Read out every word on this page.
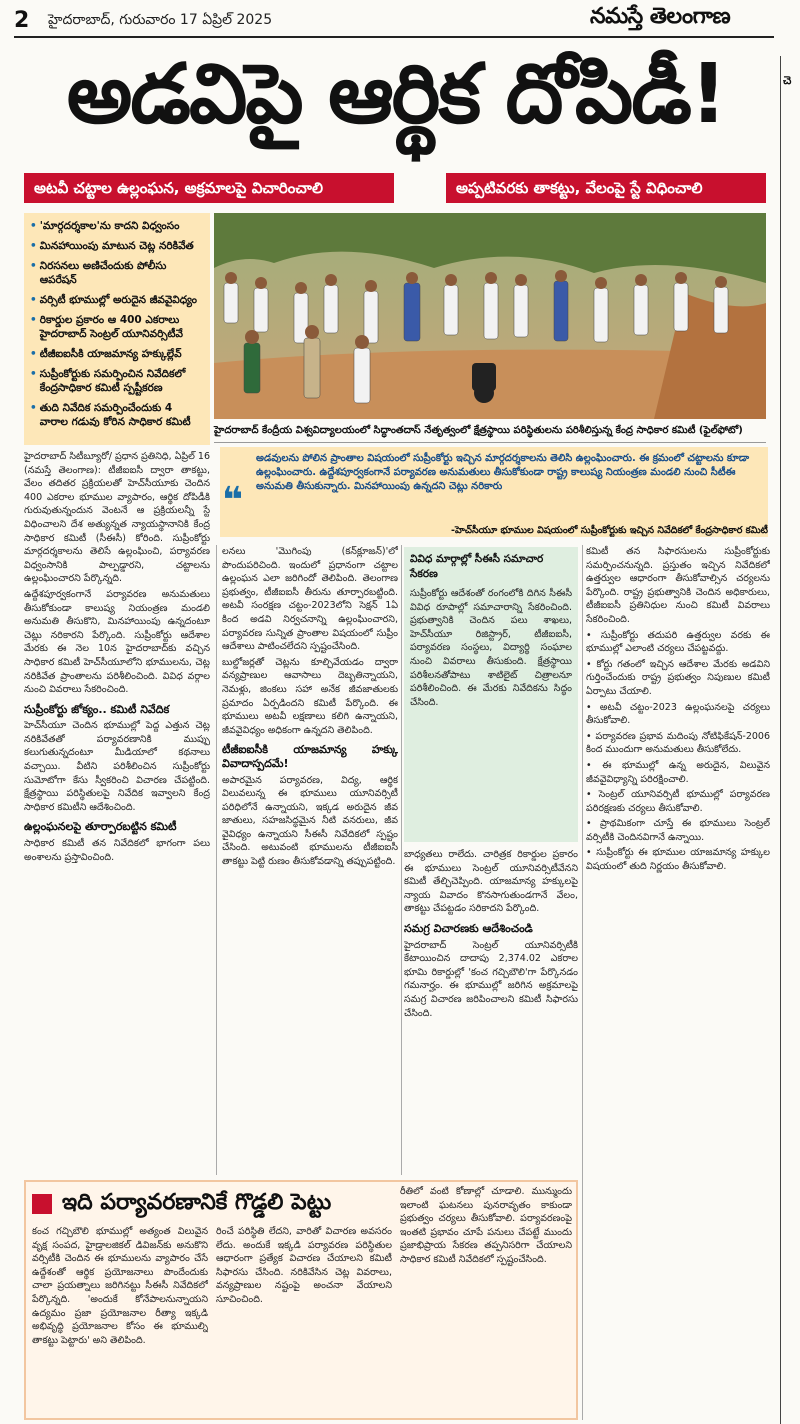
2 హైదరాబాద్, గురువారం 17 ఏప్రిల్ 2025	నమస్తే తెలంగాణ
అడవిపై ఆర్థిక దోపిడీ!
అటవీ చట్టాల ఉల్లంఘన, అక్రమాలపై విచారించాలి	అప్పటివరకు తాకట్టు, వేలంపై స్టే విధించాలి
• 'మార్గదర్శకాల'ను కాదని విధ్వంసం
• మినహాయింపు మాటున చెట్ల నరికివేత
• నిరసనలు అణిచేందుకు పోలీసు ఆపరేషన్
• వర్సిటీ భూముల్లో అరుదైన జీవవైవిధ్యం
• రికార్డుల ప్రకారం ఆ 400 ఎకరాలు హైదరాబాద్ సెంట్రల్ యూనివర్సిటీవే
• టీజీఐఐసీకి యాజమాన్య హక్కుల్లేవ్
• సుప్రీంకోర్టుకు సమర్పించిన నివేదికలో కేంద్రసాధికార కమిటీ స్పష్టీకరణ
• తుది నివేదిక సమర్పించేందుకు 4 వారాల గడువు కోరిన సాధికార కమిటీ
హైదరాబాద్ కేంద్రీయ విశ్వవిద్యాలయంలో సిద్ధాంతదాస్ నేతృత్వంలో క్షేత్రస్థాయి పరిస్థితులను పరిశీలిస్తున్న కేంద్ర సాధికార కమిటీ (ఫైల్‌ఫోటో)
❝
అడవులను పోలిన ప్రాంతాల విషయంలో సుప్రీంకోర్టు ఇచ్చిన మార్గదర్శకాలను తెలిసి ఉల్లంఘించారు. ఈ క్రమంలో చట్టాలను కూడా ఉల్లంఘించారు. ఉద్దేశపూర్వకంగానే పర్యావరణ అనుమతులు తీసుకోకుండా రాష్ట్ర కాలుష్య నియంత్రణ మండలి నుంచి సీటీఈ అనుమతి తీసుకున్నారు. మినహాయింపు ఉన్నదని చెట్లు నరికారు
-హెచ్‌సీయూ భూముల విషయంలో సుప్రీంకోర్టుకు ఇచ్చిన నివేదికలో కేంద్రసాధికార కమిటీ

హైదరాబాద్ సిటీబ్యూరో/ ప్రధాన ప్రతినిధి, ఏప్రిల్ 16 (నమస్తే తెలంగాణ): టీజీఐఐసీ ద్వారా తాకట్టు, వేలం తదితర ప్రక్రియలతో హెచ్‌సీయూకు చెందిన 400 ఎకరాల భూముల వ్యాపారం, ఆర్థిక దోపిడీకి గురువుతున్నందున వెంటనే ఆ ప్రక్రియలన్నీ స్టే విధించాలని దేశ అత్యున్నత న్యాయస్థానానికి కేంద్ర సాధికార కమిటీ (సీఈసీ) కోరింది. సుప్రీంకోర్టు మార్గదర్శకాలను తెలిసే ఉల్లంఘించి, పర్యావరణ విధ్వంసానికి పాల్పడ్డారని, చట్టాలను ఉల్లంఘించారని పేర్కొన్నది.

ఉద్దేశపూర్వకంగానే పర్యావరణ అనుమతులు తీసుకోకుండా కాలుష్య నియంత్రణ మండలి అనుమతి తీసుకొని, మినహాయింపు ఉన్నదంటూ చెట్లు నరికారని పేర్కొంది. సుప్రీంకోర్టు ఆదేశాల మేరకు ఈ నెల 10న హైదరాబాద్‌కు వచ్చిన సాధికార కమిటీ హెచ్‌సీయూలోని భూములను, చెట్ల నరికివేత ప్రాంతాలను పరిశీలించింది. వివిధ వర్గాల నుంచి వివరాలు సేకరించింది.

సుప్రీంకోర్టు జోక్యం.. కమిటీ నివేదిక

హెచ్‌సీయూ చెందిన భూముల్లో పెద్ద ఎత్తున చెట్ల నరికివేతతో పర్యావరణానికి ముప్పు కలుగుతున్నదంటూ మీడియాలో కథనాలు వచ్చాయి. వీటిని పరిశీలించిన సుప్రీంకోర్టు సుమోటోగా కేసు స్వీకరించి విచారణ చేపట్టింది. క్షేత్రస్థాయి పరిస్థితులపై నివేదిక ఇవ్వాలని కేంద్ర సాధికార కమిటీని ఆదేశించింది.

ఉల్లంఘనలపై తూర్పారబట్టిన కమిటీ

సాధికార కమిటీ తన నివేదికలో భాగంగా పలు అంశాలను ప్రస్తావించింది.

లనలు 'మొగింపు (కన్‌క్లూజన్)'లో పొందుపరిచింది. ఇందులో ప్రధానంగా చట్టాల ఉల్లంఘన ఎలా జరిగిందో తెలిపింది. తెలంగాణ ప్రభుత్వం, టీజీఐఐసీ తీరును తూర్పారబట్టింది. అటవీ సంరక్షణ చట్టం-2023లోని సెక్షన్ 1ఏ కింద అడవి నిర్వచనాన్ని ఉల్లంఘించారని, పర్యావరణ సున్నిత ప్రాంతాల విషయంలో సుప్రీం ఆదేశాలు పాటించలేదని స్పష్టంచేసింది.

బుల్డోజర్లతో చెట్లను కూల్చివేయడం ద్వారా వన్యప్రాణుల ఆవాసాలు దెబ్బతిన్నాయని, నెమళ్లు, జింకలు సహా అనేక జీవజాతులకు ప్రమాదం ఏర్పడిందని కమిటీ పేర్కొంది. ఈ భూములు అటవీ లక్షణాలు కలిగి ఉన్నాయని, జీవవైవిధ్యం అధికంగా ఉన్నదని తెలిపింది.

టీజీఐఐసీకి యాజమాన్య హక్కు వివాదాస్పదమే!

అపారమైన పర్యావరణ, విద్య, ఆర్థిక విలువలున్న ఈ భూములు యూనివర్సిటీ పరిధిలోనే ఉన్నాయని, ఇక్కడ అరుదైన జీవ జాతులు, సహజసిద్ధమైన నీటి వనరులు, జీవ వైవిధ్యం ఉన్నాయని సీఈసీ నివేదికలో స్పష్టం చేసింది. అటువంటి భూములను టీజీఐఐసీ తాకట్టు పెట్టి రుణం తీసుకోవడాన్ని తప్పుపట్టింది.

వివిధ మార్గాల్లో సీఈసీ సమాచార సేకరణ
సుప్రీంకోర్టు ఆదేశంతో రంగంలోకి దిగిన సీఈసీ వివిధ రూపాల్లో సమాచారాన్ని సేకరించింది. ప్రభుత్వానికి చెందిన పలు శాఖలు, హెచ్‌సీయూ రిజిస్ట్రార్, టీజీఐఐసీ, పర్యావరణ సంస్థలు, విద్యార్థి సంఘాల నుంచి వివరాలు తీసుకుంది. క్షేత్రస్థాయి పరిశీలనతోపాటు శాటిలైట్ చిత్రాలనూ పరిశీలించింది. ఈ మేరకు నివేదికను సిద్ధం చేసింది.

బాధ్యతలు రాలేదు. చారిత్రక రికార్డుల ప్రకారం ఈ భూములు సెంట్రల్ యూనివర్సిటీవేనని కమిటీ తేల్చిచెప్పింది. యాజమాన్య హక్కులపై న్యాయ వివాదం కొనసాగుతుండగానే వేలం, తాకట్టు చేపట్టడం సరికాదని పేర్కొంది.

సమగ్ర విచారణకు ఆదేశించండి

హైదరాబాద్ సెంట్రల్ యూనివర్సిటీకి కేటాయించిన దాదాపు 2,374.02 ఎకరాల భూమి రికార్డుల్లో 'కంచ గచ్చిబౌలి'గా పేర్కొనడం గమనార్హం. ఈ భూముల్లో జరిగిన అక్రమాలపై సమగ్ర విచారణ జరిపించాలని కమిటీ సిఫారసు చేసింది.

కమిటీ తన సిఫారసులను సుప్రీంకోర్టుకు సమర్పించనున్నది. ప్రస్తుతం ఇచ్చిన నివేదికలో ఉత్తర్వుల ఆధారంగా తీసుకోవాల్సిన చర్యలను పేర్కొంది. రాష్ట్ర ప్రభుత్వానికి చెందిన అధికారులు, టీజీఐఐసీ ప్రతినిధుల నుంచి కమిటీ వివరాలు సేకరించింది.

• సుప్రీంకోర్టు తదుపరి ఉత్తర్వుల వరకు ఈ భూముల్లో ఎలాంటి చర్యలు చేపట్టవద్దు.

• కోర్టు గతంలో ఇచ్చిన ఆదేశాల మేరకు అడవిని గుర్తించేందుకు రాష్ట్ర ప్రభుత్వం నిపుణుల కమిటీ ఏర్పాటు చేయాలి.

• అటవీ చట్టం-2023 ఉల్లంఘనలపై చర్యలు తీసుకోవాలి.

• పర్యావరణ ప్రభావ మదింపు నోటిఫికేషన్-2006 కింద ముందుగా అనుమతులు తీసుకోలేదు.

• ఈ భూముల్లో ఉన్న అరుదైన, విలువైన జీవవైవిధ్యాన్ని పరిరక్షించాలి.

• సెంట్రల్ యూనివర్సిటీ భూముల్లో పర్యావరణ పరిరక్షణకు చర్యలు తీసుకోవాలి.

• ప్రాథమికంగా చూస్తే ఈ భూములు సెంట్రల్ వర్సిటీకి చెందినవిగానే ఉన్నాయి.

• సుప్రీంకోర్టు ఈ భూముల యాజమాన్య హక్కుల విషయంలో తుది నిర్ణయం తీసుకోవాలి.

చె
ఇది పర్యావరణానికే గొడ్డలి పెట్టు
కంచ గచ్చిబౌలి భూముల్లో అత్యంత విలువైన వృక్ష సంపద, హైడ్రాలజికల్ డివిజన్‌కు అనుకొని వర్సిటీకి చెందిన ఈ భూములను వ్యాపారం చేసే ఉద్దేశంతో ఆర్థిక ప్రయోజనాలు పొందేందుకు చాలా ప్రయత్నాలు జరిగినట్టు సీఈసీ నివేదికలో పేర్కొన్నది. 'అందుకే కోనేపాలనున్నాయని ఉద్యమం ప్రజా ప్రయోజనాల రీత్యా ఇక్కడి అభివృద్ధి ప్రయోజనాల కోసం ఈ భూముల్ని తాకట్టు పెట్టారు' అని తెలిపింది.
రించే పరిస్థితి లేదని, వారితో విచారణ అవసరం లేదు. అందుకే ఇక్కడి పర్యావరణ పరిస్థితుల ఆధారంగా ప్రత్యేక విచారణ చేయాలని కమిటీ సిఫారసు చేసింది. నరికివేసిన చెట్ల వివరాలు, వన్యప్రాణుల నష్టంపై అంచనా వేయాలని సూచించింది.
రీతిలో వంటి కోణాల్లో చూడాలి. మున్ముందు ఇలాంటి ఘటనలు పునరావృతం కాకుండా ప్రభుత్వం చర్యలు తీసుకోవాలి. పర్యావరణంపై ఇంతటి ప్రభావం చూపే పనులు చేపట్టే ముందు ప్రజాభిప్రాయ సేకరణ తప్పనిసరిగా చేయాలని సాధికార కమిటీ నివేదికలో స్పష్టంచేసింది.
